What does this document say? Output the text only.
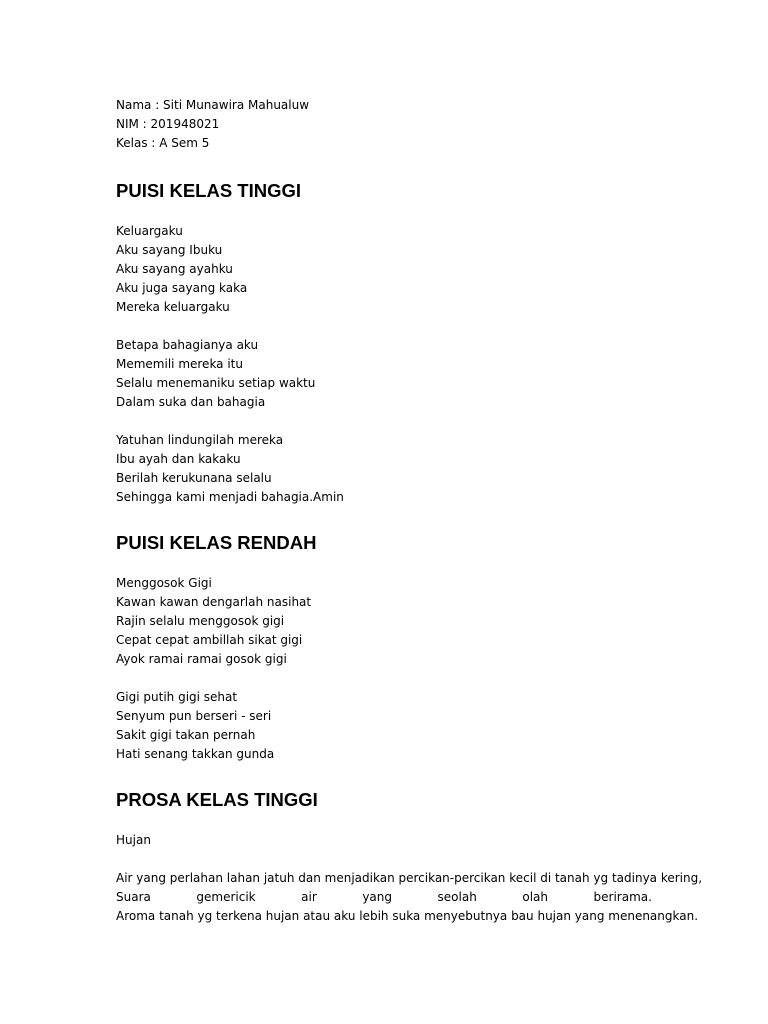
Nama : Siti Munawira Mahualuw
NIM : 201948021
Kelas : A Sem 5
PUISI KELAS TINGGI
Keluargaku
Aku sayang Ibuku
Aku sayang ayahku
Aku juga sayang kaka
Mereka keluargaku
Betapa bahagianya aku
Mememili mereka itu
Selalu menemaniku setiap waktu
Dalam suka dan bahagia
Yatuhan lindungilah mereka
Ibu ayah dan kakaku
Berilah kerukunana selalu
Sehingga kami menjadi bahagia.Amin
PUISI KELAS RENDAH
Menggosok Gigi
Kawan kawan dengarlah nasihat
Rajin selalu menggosok gigi
Cepat cepat ambillah sikat gigi
Ayok ramai ramai gosok gigi
Gigi putih gigi sehat
Senyum pun berseri - seri
Sakit gigi takan pernah
Hati senang takkan gunda
PROSA KELAS TINGGI
Hujan
Air yang perlahan lahan jatuh dan menjadikan percikan-percikan kecil di tanah yg tadinya kering,
Suara	gemericik	air	yang	seolah	olah	berirama.
Aroma tanah yg terkena hujan atau aku lebih suka menyebutnya bau hujan yang menenangkan.
